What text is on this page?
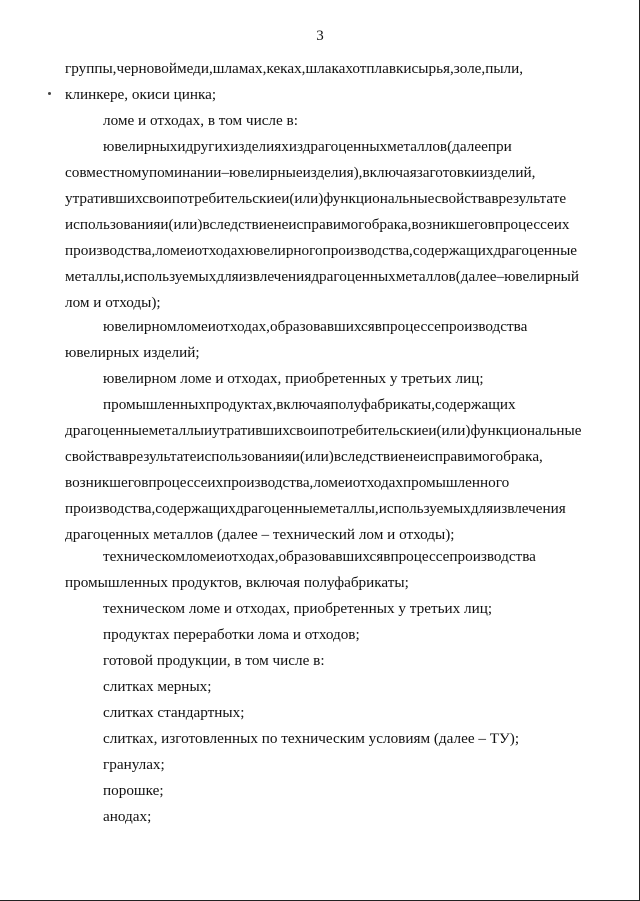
3

группы,черновоймеди,шламах,кеках,шлакахотплавкисырья,золе,пыли,
клинкере, окиси цинка;

ломе и отходах, в том числе в:

ювелирныхидругихизделияхиздрагоценныхметаллов(далеепри
совместномупоминании–ювелирныеизделия),включаязаготовкиизделий,
утратившихсвоипотребительскиеи(или)функциональныесвойстваврезультате
использованияи(или)вследствиенеисправимогобрака,возникшеговпроцессеих
производства,ломеиотходахювелирногопроизводства,содержащихдрагоценные
металлы,используемыхдляизвлечениядрагоценныхметаллов(далее–ювелирный
лом и отходы);

ювелирномломеиотходах,образовавшихсявпроцессепроизводства
ювелирных изделий;

ювелирном ломе и отходах, приобретенных у третьих лиц;

промышленныхпродуктах,включаяполуфабрикаты,содержащих
драгоценныеметаллыиутратившихсвоипотребительскиеи(или)функциональные
свойстваврезультатеиспользованияи(или)вследствиенеисправимогобрака,
возникшеговпроцессеихпроизводства,ломеиотходахпромышленного
производства,содержащихдрагоценныеметаллы,используемыхдляизвлечения
драгоценных металлов (далее – технический лом и отходы);

техническомломеиотходах,образовавшихсявпроцессепроизводства
промышленных продуктов, включая полуфабрикаты;

техническом ломе и отходах, приобретенных у третьих лиц;

продуктах переработки лома и отходов;

готовой продукции, в том числе в:

слитках мерных;

слитках стандартных;

слитках, изготовленных по техническим условиям (далее – ТУ);

гранулах;

порошке;

анодах;
